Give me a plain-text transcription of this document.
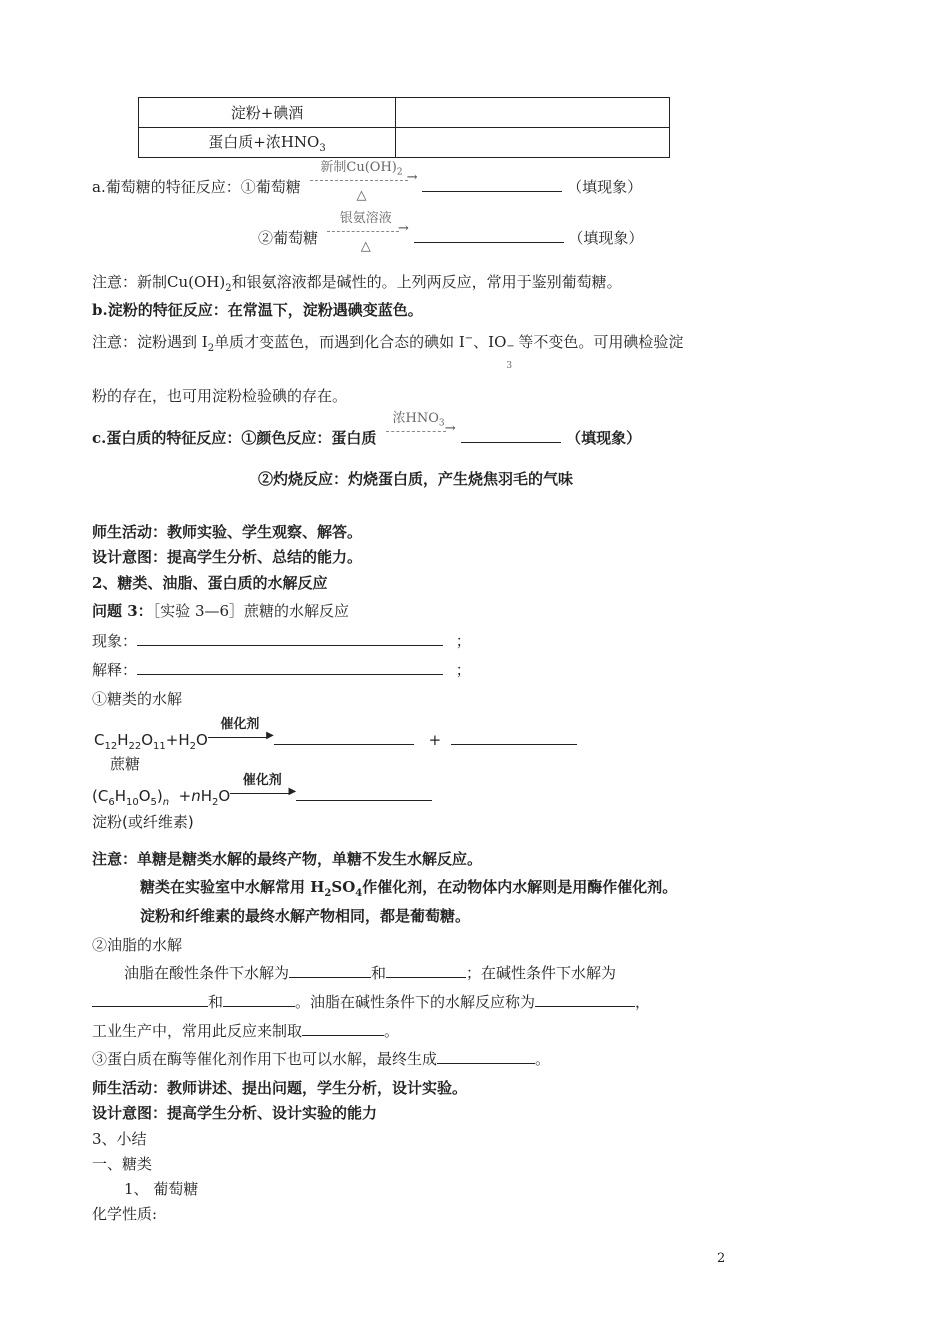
淀粉+碘酒	
蛋白质+浓$HNO_3$	
a.葡萄糖的特征反应：①葡萄糖
新制$Cu(OH)_2$ →
△	（填现象）
②葡萄糖
银氨溶液
→
△	（填现象）
注意：新制$Cu(OH)_2$和银氨溶液都是碱性的。上列两反应，常用于鉴别葡萄糖。
b.淀粉的特征反应：在常温下，淀粉遇碘变蓝色。
注意：淀粉遇到 $I_2$单质才变蓝色，而遇到化合态的碘如 I−、IO −
3
等不变色。可用碘检验淀
粉的存在，也可用淀粉检验碘的存在。
c.蛋白质的特征反应：①颜色反应：蛋白质
浓$HNO_3$ →
（填现象）
②灼烧反应：灼烧蛋白质，产生烧焦羽毛的气味
师生活动：教师实验、学生观察、解答。
设计意图：提高学生分析、总结的能力。
2、糖类、油脂、蛋白质的水解反应
问题 3：［实验 3—6］蔗糖的水解反应
现象：	；
解释：	；
①糖类的水解
$C_{12}H_{22}O_{11}+H_2O$
催化剂
▶	+
蔗糖
$(C_6H_{10}O_5)_n +nH_2O$
催化剂
▶
淀粉(或纤维素)
注意：单糖是糖类水解的最终产物，单糖不发生水解反应。
糖类在实验室中水解常用 $H_2SO_4$作催化剂，在动物体内水解则是用酶作催化剂。
淀粉和纤维素的最终水解产物相同，都是葡萄糖。
②油脂的水解
油脂在酸性条件下水解为	和	；在碱性条件下水解为
和	。油脂在碱性条件下的水解反应称为	，
工业生产中，常用此反应来制取	。
③蛋白质在酶等催化剂作用下也可以水解，最终生成	。
师生活动：教师讲述、提出问题，学生分析，设计实验。
设计意图：提高学生分析、设计实验的能力
3、小结
一、糖类
1、 葡萄糖
化学性质:
2
